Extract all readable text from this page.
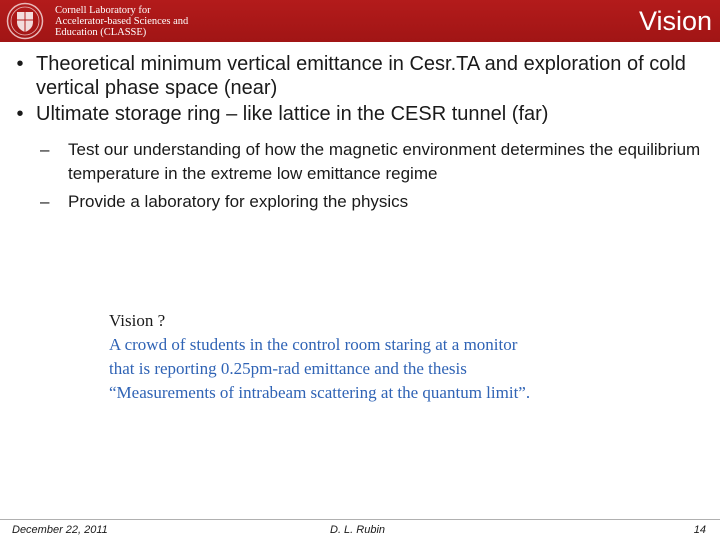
Cornell Laboratory for
Accelerator-based Sciences and
Education (CLASSE)	Vision
• Theoretical minimum vertical emittance in Cesr.TA and exploration of cold vertical phase space (near)
• Ultimate storage ring – like lattice in the CESR tunnel (far)
– Test our understanding of how the magnetic environment determines the equilibrium temperature in the extreme low emittance regime
– Provide a laboratory for exploring the physics
Vision ?
A crowd of students in the control room staring at a monitor
that is reporting 0.25pm-rad emittance and the thesis
“Measurements of intrabeam scattering at the quantum limit”.
December 22, 2011	D. L. Rubin	14
